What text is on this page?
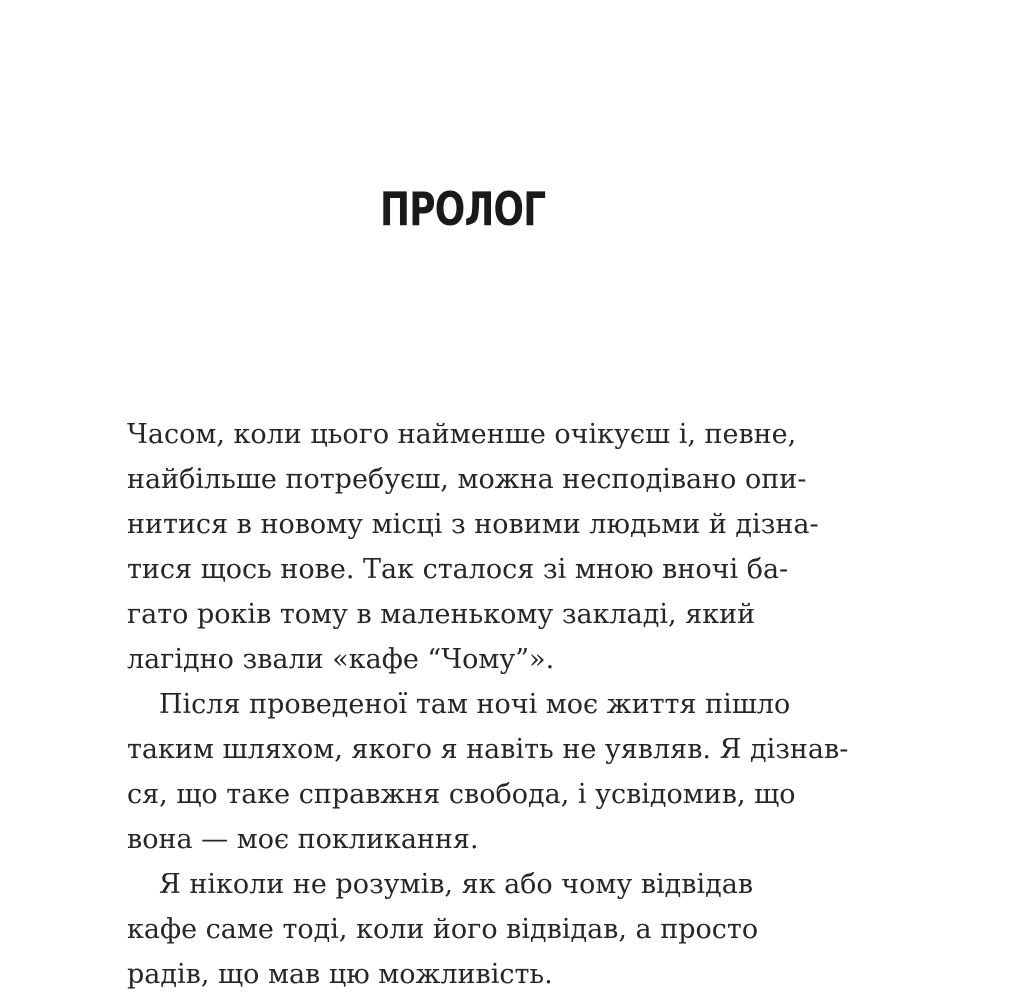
ПРОЛОГ
Часом, коли цього найменше очікуєш і, певне,
найбільше потребуєш, можна несподівано опи-
нитися в новому місці з новими людьми й дізна-
тися щось нове. Так сталося зі мною вночі ба-
гато років тому в маленькому закладі, який
лагідно звали «кафе “Чому”».
Після проведеної там ночі моє життя пішло
таким шляхом, якого я навіть не уявляв. Я дізнав-
ся, що таке справжня свобода, і усвідомив, що
вона — моє покликання.
Я ніколи не розумів, як або чому відвідав
кафе саме тоді, коли його відвідав, а просто
радів, що мав цю можливість.
